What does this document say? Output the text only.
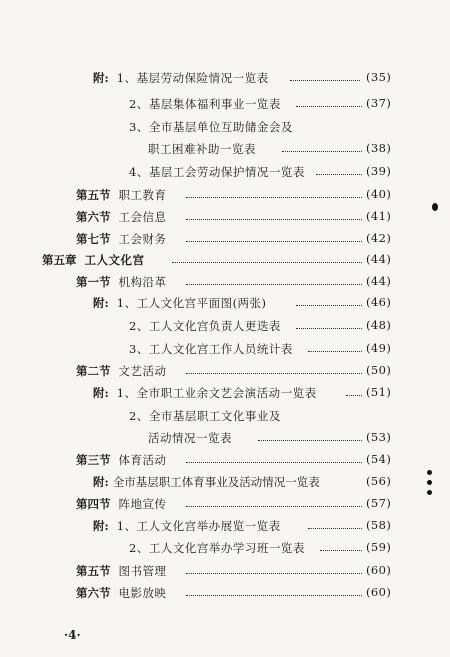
附: 1、基层劳动保险情况一览表	(35)
2、基层集体福利事业一览表	(37)
3、全市基层单位互助储金会及
职工困难补助一览表	(38)
4、基层工会劳动保护情况一览表	(39)
第五节 职工教育	(40)
第六节 工会信息	(41)
第七节 工会财务	(42)
第五章 工人文化宫	(44)
第一节 机构沿革	(44)
附: 1、工人文化宫平面图(两张)	(46)
2、工人文化宫负责人更迭表	(48)
3、工人文化宫工作人员统计表	(49)
第二节 文艺活动	(50)
附: 1、全市职工业余文艺会演活动一览表	(51)
2、全市基层职工文化事业及
活动情况一览表	(53)
第三节 体育活动	(54)
附: 全市基层职工体育事业及活动情况一览表	(56)
第四节 阵地宣传	(57)
附: 1、工人文化宫举办展览一览表	(58)
2、工人文化宫举办学习班一览表	(59)
第五节 图书管理	(60)
第六节 电影放映	(60)
·4·
